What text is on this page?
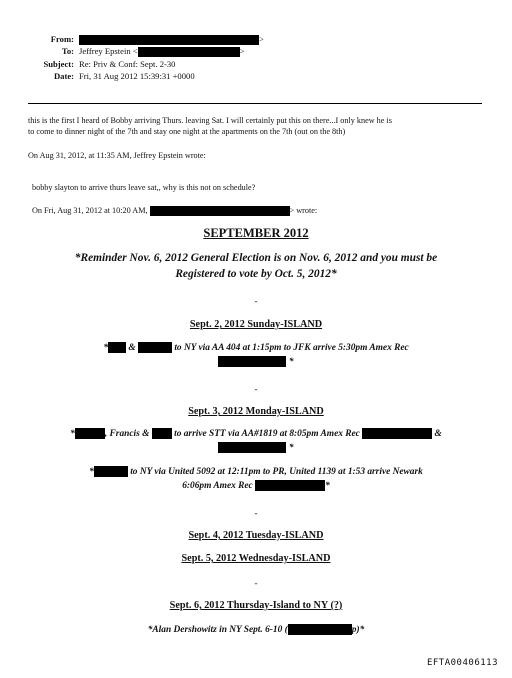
From:	>
To: Jeffrey Epstein <	>
Subject: Re: Priv & Conf: Sept. 2-30
Date: Fri, 31 Aug 2012 15:39:31 +0000
this is the first I heard of Bobby arriving Thurs. leaving Sat. I will certainly put this on there...I only knew he is
to come to dinner night of the 7th and stay one night at the apartments on the 7th (out on the 8th)
On Aug 31, 2012, at 11:35 AM, Jeffrey Epstein wrote:
bobby slayton to arrive thurs leave sat,, why is this not on schedule?
On Fri, Aug 31, 2012 at 10:20 AM,	> wrote:
SEPTEMBER 2012
*Reminder Nov. 6, 2012 General Election is on Nov. 6, 2012 and you must be
Registered to vote by Oct. 5, 2012*
-
Sept. 2, 2012 Sunday-ISLAND
* &	to NY via AA 404 at 1:15pm to JFK arrive 5:30pm Amex Rec
*
-
Sept. 3, 2012 Monday-ISLAND
*	, Francis &	to arrive STT via AA#1819 at 8:05pm Amex Rec	&
*
*	to NY via United 5092 at 12:11pm to PR, United 1139 at 1:53 arrive Newark
6:06pm Amex Rec	*
-
Sept. 4, 2012 Tuesday-ISLAND
Sept. 5, 2012 Wednesday-ISLAND
-
Sept. 6, 2012 Thursday-Island to NY (?)
*Alan Dershowitz in NY Sept. 6-10 (	p)*
EFTA00406113
